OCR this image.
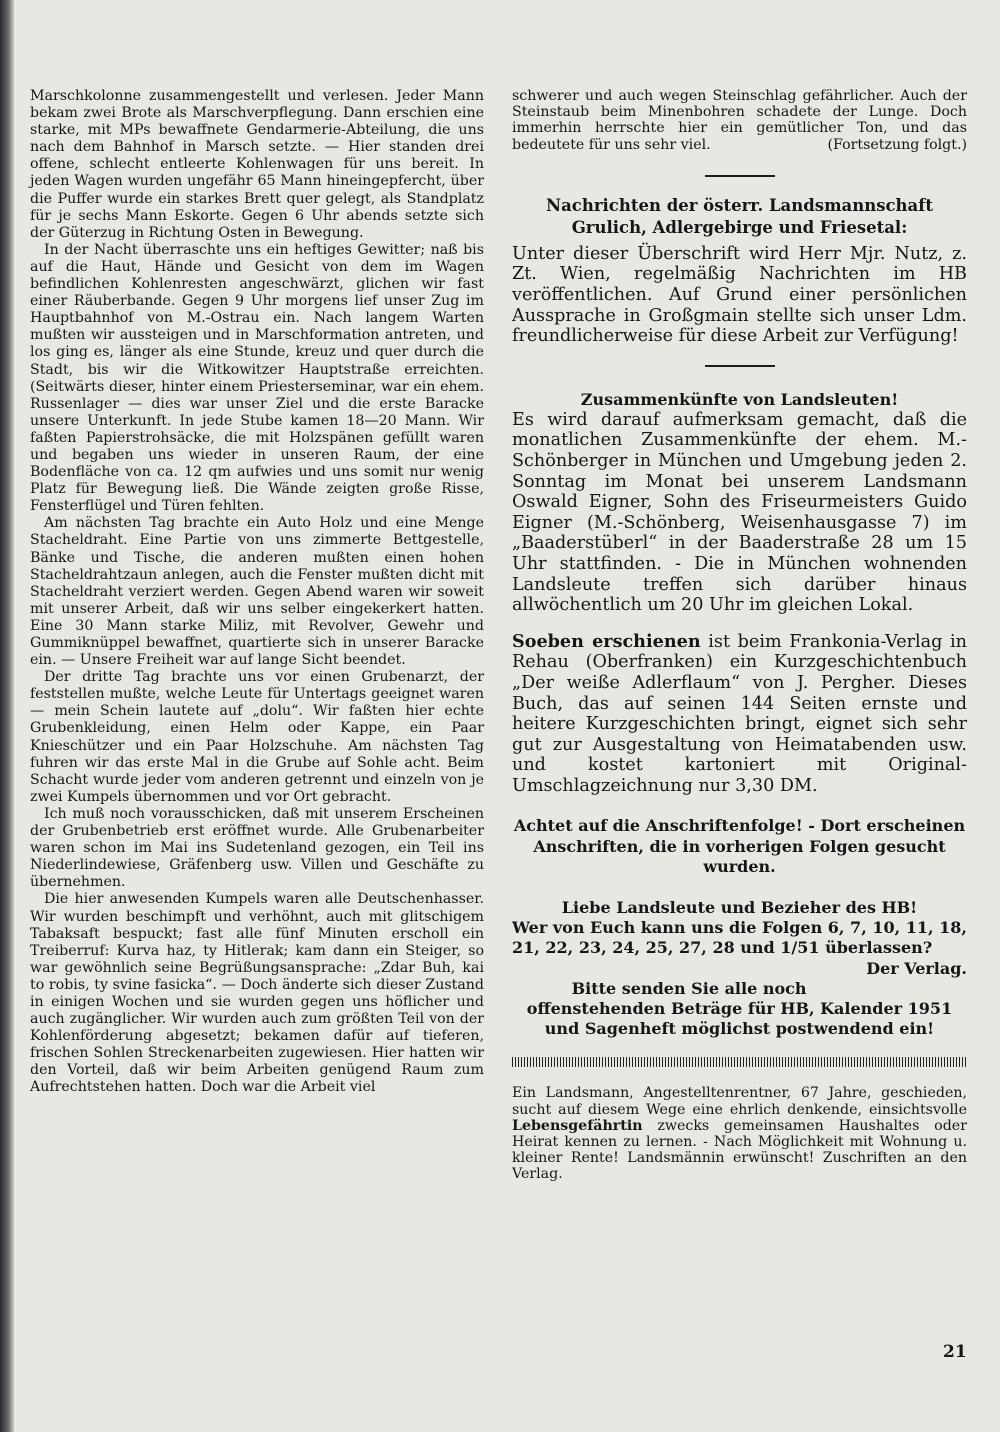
Marschkolonne zusammengestellt und verlesen. Jeder Mann bekam zwei Brote als Marschverpflegung. Dann erschien eine starke, mit MPs bewaffnete Gendarmerie-Abteilung, die uns nach dem Bahnhof in Marsch setzte. — Hier standen drei offene, schlecht entleerte Kohlenwagen für uns bereit. In jeden Wagen wurden ungefähr 65 Mann hineingepfercht, über die Puffer wurde ein starkes Brett quer gelegt, als Standplatz für je sechs Mann Eskorte. Gegen 6 Uhr abends setzte sich der Güterzug in Richtung Osten in Bewegung.

In der Nacht überraschte uns ein heftiges Gewitter; naß bis auf die Haut, Hände und Gesicht von dem im Wagen befindlichen Kohlenresten angeschwärzt, glichen wir fast einer Räuberbande. Gegen 9 Uhr morgens lief unser Zug im Hauptbahnhof von M.-Ostrau ein. Nach langem Warten mußten wir aussteigen und in Marschformation antreten, und los ging es, länger als eine Stunde, kreuz und quer durch die Stadt, bis wir die Witkowitzer Hauptstraße erreichten. (Seitwärts dieser, hinter einem Priesterseminar, war ein ehem. Russenlager — dies war unser Ziel und die erste Baracke unsere Unterkunft. In jede Stube kamen 18—20 Mann. Wir faßten Papierstrohsäcke, die mit Holzspänen gefüllt waren und begaben uns wieder in unseren Raum, der eine Bodenfläche von ca. 12 qm aufwies und uns somit nur wenig Platz für Bewegung ließ. Die Wände zeigten große Risse, Fensterflügel und Türen fehlten.

Am nächsten Tag brachte ein Auto Holz und eine Menge Stacheldraht. Eine Partie von uns zimmerte Bettgestelle, Bänke und Tische, die anderen mußten einen hohen Stacheldrahtzaun anlegen, auch die Fenster mußten dicht mit Stacheldraht verziert werden. Gegen Abend waren wir soweit mit unserer Arbeit, daß wir uns selber eingekerkert hatten. Eine 30 Mann starke Miliz, mit Revolver, Gewehr und Gummiknüppel bewaffnet, quartierte sich in unserer Baracke ein. — Unsere Freiheit war auf lange Sicht beendet.

Der dritte Tag brachte uns vor einen Grubenarzt, der feststellen mußte, welche Leute für Untertags geeignet waren — mein Schein lautete auf „dolu“. Wir faßten hier echte Grubenkleidung, einen Helm oder Kappe, ein Paar Knieschützer und ein Paar Holzschuhe. Am nächsten Tag fuhren wir das erste Mal in die Grube auf Sohle acht. Beim Schacht wurde jeder vom anderen getrennt und einzeln von je zwei Kumpels übernommen und vor Ort gebracht.

Ich muß noch vorausschicken, daß mit unserem Erscheinen der Grubenbetrieb erst eröffnet wurde. Alle Grubenarbeiter waren schon im Mai ins Sudetenland gezogen, ein Teil ins Niederlindewiese, Gräfenberg usw. Villen und Geschäfte zu übernehmen.

Die hier anwesenden Kumpels waren alle Deutschenhasser. Wir wurden beschimpft und verhöhnt, auch mit glitschigem Tabaksaft bespuckt; fast alle fünf Minuten erscholl ein Treiberruf: Kurva haz, ty Hitlerak; kam dann ein Steiger, so war gewöhnlich seine Begrüßungsansprache: „Zdar Buh, kai to robis, ty svine fasicka“. — Doch änderte sich dieser Zustand in einigen Wochen und sie wurden gegen uns höflicher und auch zugänglicher. Wir wurden auch zum größten Teil von der Kohlenförderung abgesetzt; bekamen dafür auf tieferen, frischen Sohlen Streckenarbeiten zugewiesen. Hier hatten wir den Vorteil, daß wir beim Arbeiten genügend Raum zum Aufrechtstehen hatten. Doch war die Arbeit viel

schwerer und auch wegen Steinschlag gefährlicher. Auch der Steinstaub beim Minenbohren schadete der Lunge. Doch immerhin herrschte hier ein gemütlicher Ton, und das bedeutete für uns sehr viel.	(Fortsetzung folgt.)

Nachrichten der österr. Landsmannschaft

Grulich, Adlergebirge und Friesetal:

Unter dieser Überschrift wird Herr Mjr. Nutz, z. Zt. Wien, regelmäßig Nachrichten im HB veröffentlichen. Auf Grund einer persönlichen Aussprache in Großgmain stellte sich unser Ldm. freundlicherweise für diese Arbeit zur Verfügung!

Zusammenkünfte von Landsleuten!

Es wird darauf aufmerksam gemacht, daß die monatlichen Zusammenkünfte der ehem. M.-Schönberger in München und Umgebung jeden 2. Sonntag im Monat bei unserem Landsmann Oswald Eigner, Sohn des Friseurmeisters Guido Eigner (M.-Schönberg, Weisenhausgasse 7) im „Baaderstüberl“ in der Baaderstraße 28 um 15 Uhr stattfinden. - Die in München wohnenden Landsleute treffen sich darüber hinaus allwöchentlich um 20 Uhr im gleichen Lokal.

Soeben erschienen ist beim Frankonia-Verlag in Rehau (Oberfranken) ein Kurzgeschichtenbuch „Der weiße Adlerflaum“ von J. Pergher. Dieses Buch, das auf seinen 144 Seiten ernste und heitere Kurzgeschichten bringt, eignet sich sehr gut zur Ausgestaltung von Heimatabenden usw. und kostet kartoniert mit Original-Umschlagzeichnung nur 3,30 DM.

Achtet auf die Anschriftenfolge! - Dort erscheinen Anschriften, die in vorherigen Folgen gesucht wurden.

Liebe Landsleute und Bezieher des HB!

Wer von Euch kann uns die Folgen 6, 7, 10, 11, 18, 21, 22, 23, 24, 25, 27, 28 und 1/51 überlassen?
Der Verlag.

Bitte senden Sie alle noch offenstehenden Beträge für HB, Kalender 1951 und Sagenheft möglichst postwendend ein!

Ein Landsmann, Angestelltenrentner, 67 Jahre, geschieden, sucht auf diesem Wege eine ehrlich denkende, einsichtsvolle Lebensgefährtin zwecks gemeinsamen Haushaltes oder Heirat kennen zu lernen. - Nach Möglichkeit mit Wohnung u. kleiner Rente! Landsmännin erwünscht! Zuschriften an den Verlag.

21
